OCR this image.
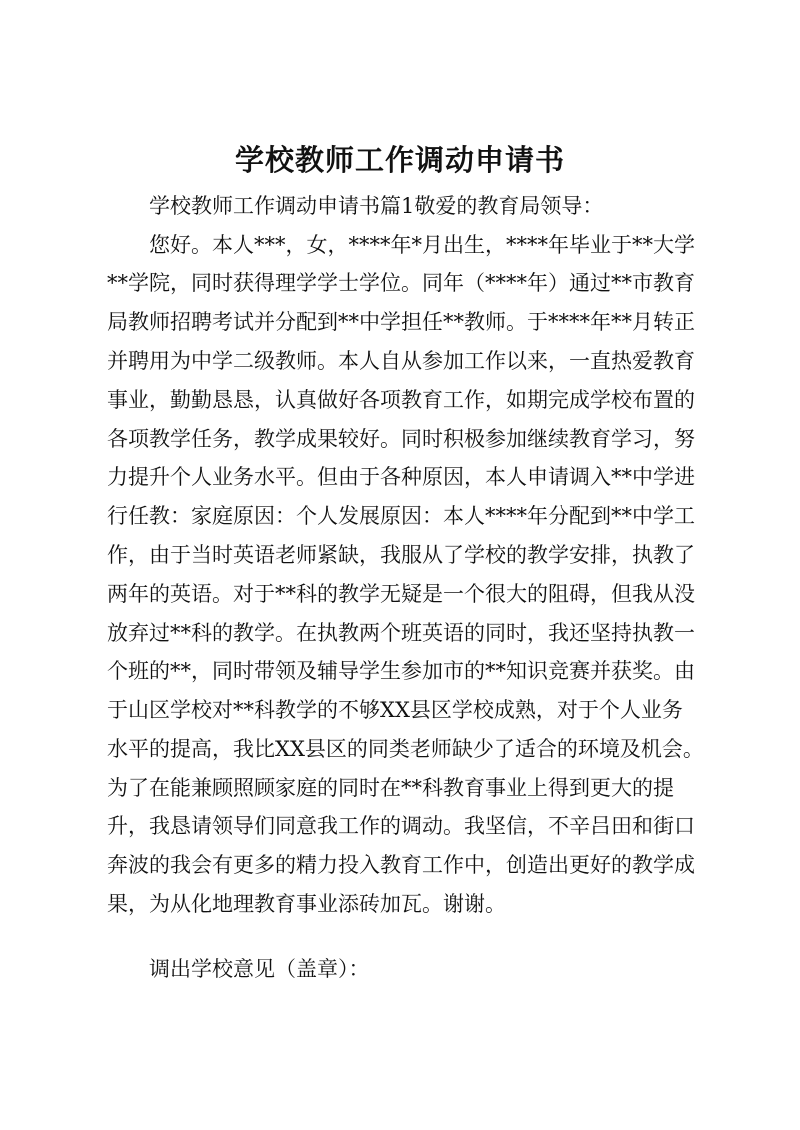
学校教师工作调动申请书
学校教师工作调动申请书篇1敬爱的教育局领导：
您好。本人***，女，****年*月出生，****年毕业于**大学
**学院，同时获得理学学士学位。同年（****年）通过**市教育
局教师招聘考试并分配到**中学担任**教师。于****年**月转正
并聘用为中学二级教师。本人自从参加工作以来，一直热爱教育
事业，勤勤恳恳，认真做好各项教育工作，如期完成学校布置的
各项教学任务，教学成果较好。同时积极参加继续教育学习，努
力提升个人业务水平。但由于各种原因，本人申请调入**中学进
行任教：家庭原因：个人发展原因：本人****年分配到**中学工
作，由于当时英语老师紧缺，我服从了学校的教学安排，执教了
两年的英语。对于**科的教学无疑是一个很大的阻碍，但我从没
放弃过**科的教学。在执教两个班英语的同时，我还坚持执教一
个班的**，同时带领及辅导学生参加市的**知识竞赛并获奖。由
于山区学校对**科教学的不够XX县区学校成熟，对于个人业务
水平的提高，我比XX县区的同类老师缺少了适合的环境及机会。
为了在能兼顾照顾家庭的同时在**科教育事业上得到更大的提
升，我恳请领导们同意我工作的调动。我坚信，不辛吕田和街口
奔波的我会有更多的精力投入教育工作中，创造出更好的教学成
果，为从化地理教育事业添砖加瓦。谢谢。
调出学校意见（盖章）：
